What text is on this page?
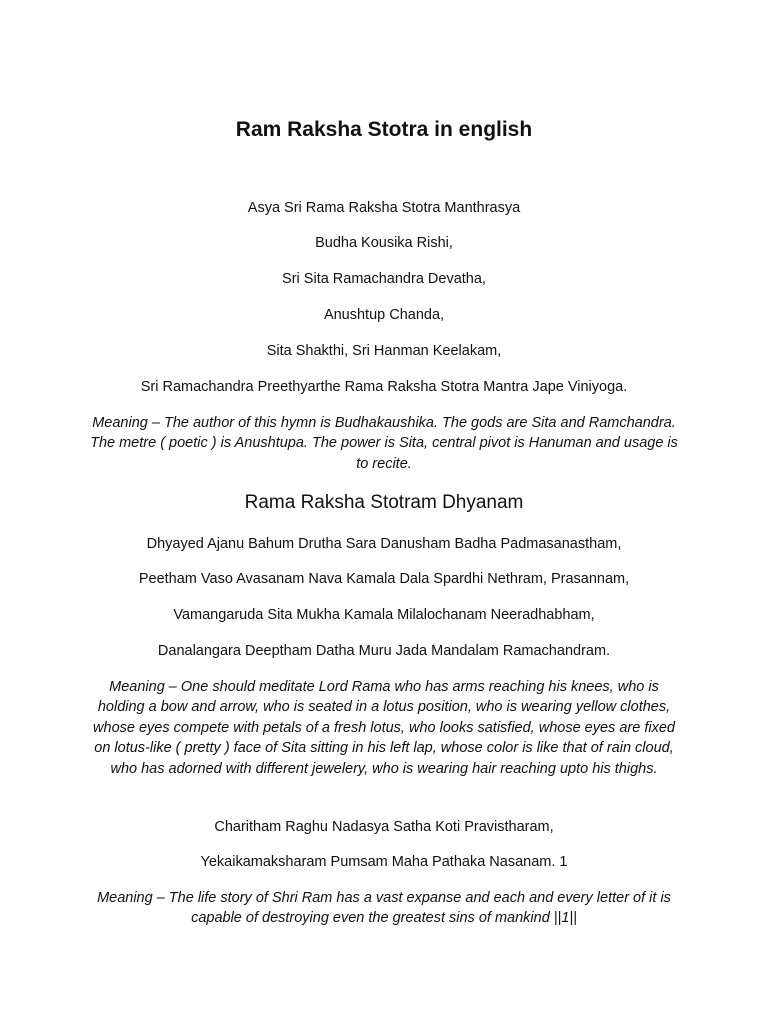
Ram Raksha Stotra in english

Asya Sri Rama Raksha Stotra Manthrasya

Budha Kousika Rishi,

Sri Sita Ramachandra Devatha,

Anushtup Chanda,

Sita Shakthi, Sri Hanman Keelakam,

Sri Ramachandra Preethyarthe Rama Raksha Stotra Mantra Jape Viniyoga.

Meaning – The author of this hymn is Budhakaushika. The gods are Sita and Ramchandra. The metre ( poetic ) is Anushtupa. The power is Sita, central pivot is Hanuman and usage is to recite.

Rama Raksha Stotram Dhyanam

Dhyayed Ajanu Bahum Drutha Sara Danusham Badha Padmasanastham,

Peetham Vaso Avasanam Nava Kamala Dala Spardhi Nethram, Prasannam,

Vamangaruda Sita Mukha Kamala Milalochanam Neeradhabham,

Danalangara Deeptham Datha Muru Jada Mandalam Ramachandram.

Meaning – One should meditate Lord Rama who has arms reaching his knees, who is holding a bow and arrow, who is seated in a lotus position, who is wearing yellow clothes, whose eyes compete with petals of a fresh lotus, who looks satisfied, whose eyes are fixed on lotus-like ( pretty ) face of Sita sitting in his left lap, whose color is like that of rain cloud, who has adorned with different jewelery, who is wearing hair reaching upto his thighs.

Charitham Raghu Nadasya Satha Koti Pravistharam,

Yekaikamaksharam Pumsam Maha Pathaka Nasanam. 1

Meaning – The life story of Shri Ram has a vast expanse and each and every letter of it is capable of destroying even the greatest sins of mankind ||1||
